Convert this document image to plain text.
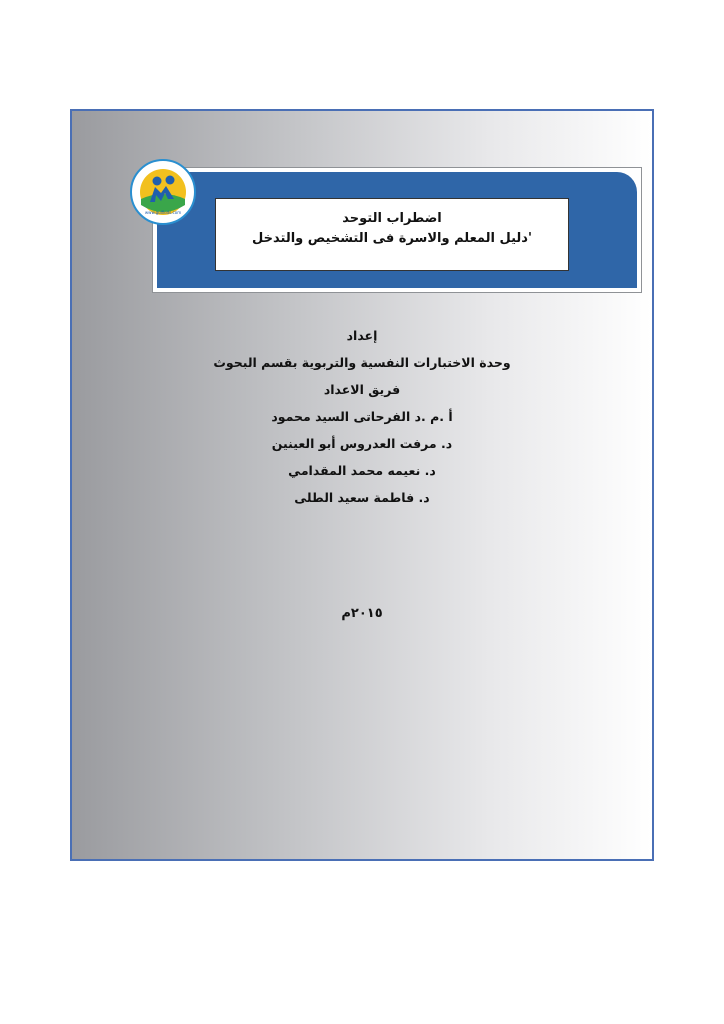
اضطراب التوحد
'دليل المعلم والاسرة فى التشخيص والتدخل
www.gulfkids.com
إعداد
وحدة الاختبارات النفسية والتربوية بقسم البحوث
فريق الاعداد
أ .م .د الفرحاتى السيد محمود
د. مرفت العدروس أبو العينين
د. نعيمه محمد المقدامي
د. فاطمة سعيد الطلى
٢٠١٥م
